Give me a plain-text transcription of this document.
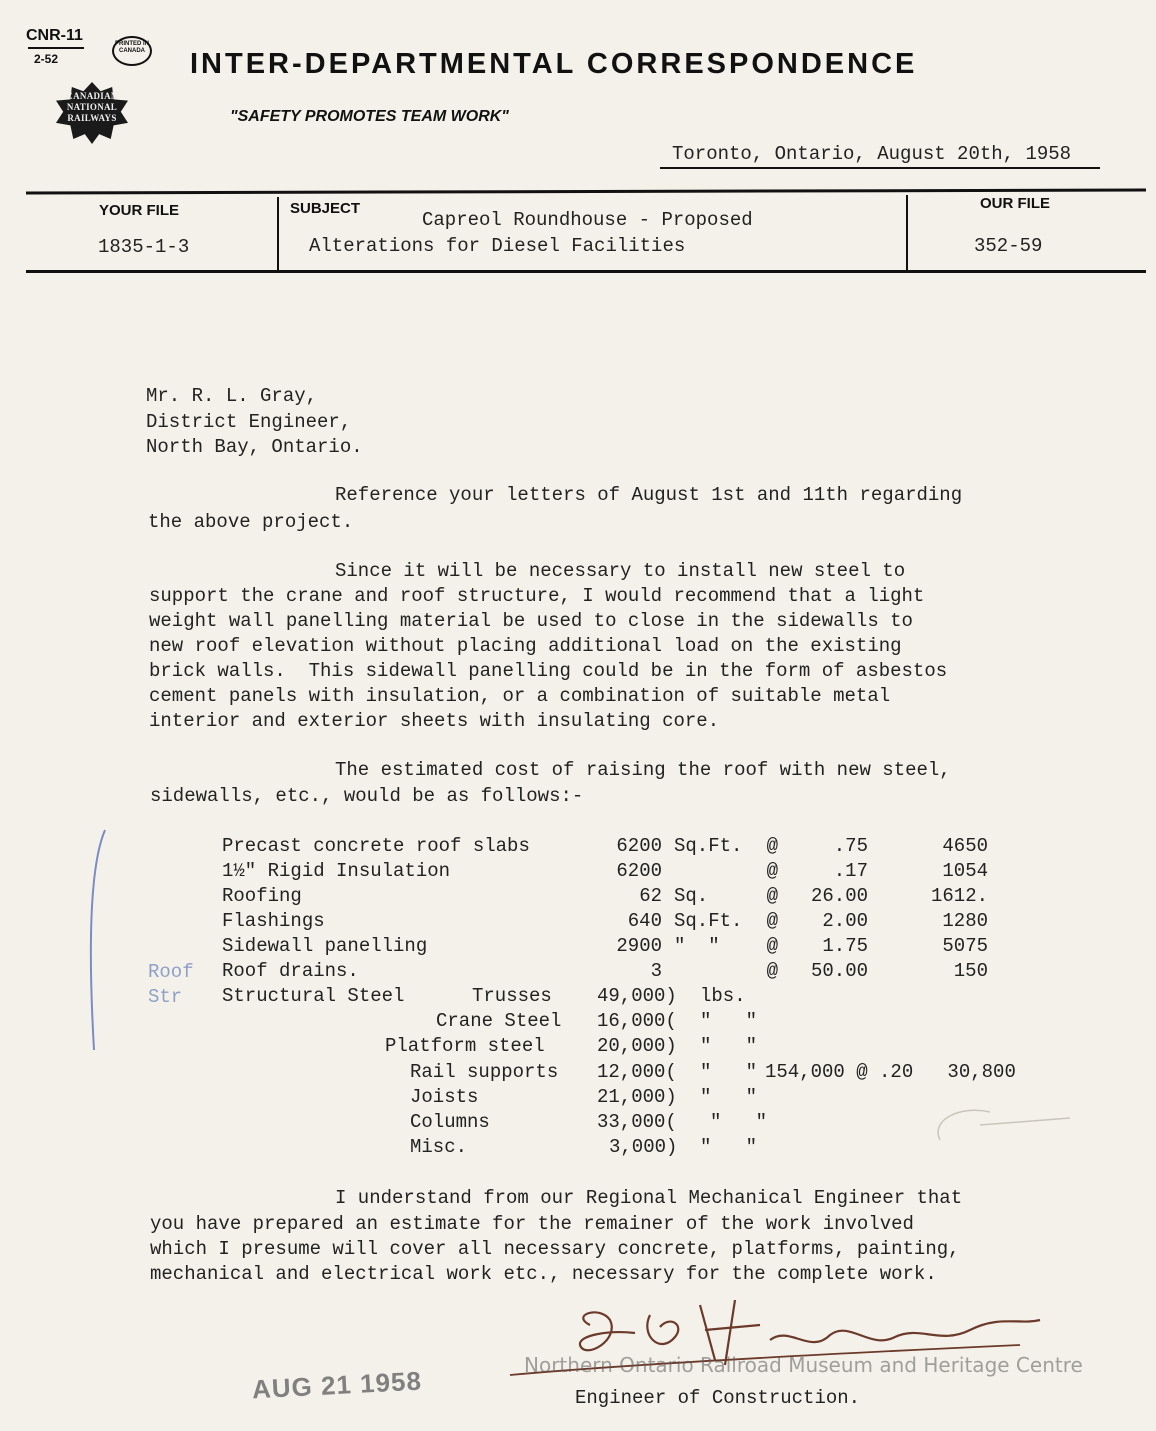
CNR-11
2-52
PRINTED IN CANADA
CANADIAN NATIONAL RAILWAYS
INTER-DEPARTMENTAL CORRESPONDENCE
"SAFETY PROMOTES TEAM WORK"
Toronto, Ontario, August 20th, 1958
YOUR FILE
1835-1-3
SUBJECT
Capreol Roundhouse - Proposed
Alterations for Diesel Facilities
OUR FILE
352-59
Mr. R. L. Gray,
District Engineer,
North Bay, Ontario.
Reference your letters of August 1st and 11th regarding
the above project.
Since it will be necessary to install new steel to
support the crane and roof structure, I would recommend that a light
weight wall panelling material be used to close in the sidewalls to
new roof elevation without placing additional load on the existing
brick walls.  This sidewall panelling could be in the form of asbestos
cement panels with insulation, or a combination of suitable metal
interior and exterior sheets with insulating core.
The estimated cost of raising the roof with new steel,
sidewalls, etc., would be as follows:-
Roof
Str
Precast concrete roof slabs	6200	Sq.Ft.	@	.75	4650
1½" Rigid Insulation	6200		@	.17	1054
Roofing	62	Sq.	@	26.00	1612.
Flashings	640	Sq.Ft.	@	2.00	1280
Sidewall panelling	2900	"  "	@	1.75	5075
Roof drains.	3		@	50.00	150
Structural Steel	Trusses 49,000) lbs.
Crane Steel 16,000( "   "
Platform steel	20,000) "   "
Rail supports 12,000( "   " 154,000 @ .20   30,800
Joists	21,000) "   "
Columns	33,000( "   "
Misc.	3,000) "   "
I understand from our Regional Mechanical Engineer that
you have prepared an estimate for the remainer of the work involved
which I presume will cover all necessary concrete, platforms, painting,
mechanical and electrical work etc., necessary for the complete work.
Northern Ontario Railroad Museum and Heritage Centre
Engineer of Construction.
AUG 21 1958
